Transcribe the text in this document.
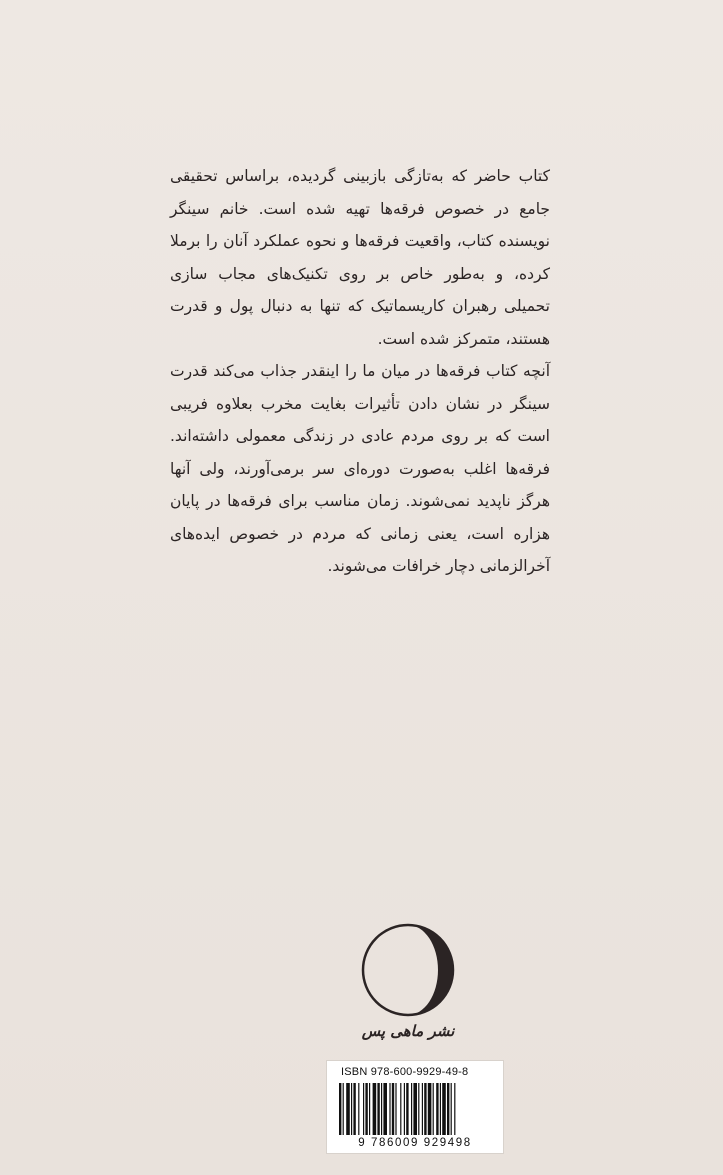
کتاب حاضر که به‌تازگی بازبینی گردیده، براساس تحقیقی جامع در خصوص فرقه‌ها تهیه شده است. خانم سینگر نویسنده کتاب، واقعیت فرقه‌ها و نحوه عملکرد آنان را برملا کرده، و به‌طور خاص بر روی تکنیک‌های مجاب سازی تحمیلی رهبران کاریسماتیک که تنها به دنبال پول و قدرت هستند، متمرکز شده است.

آنچه کتاب فرقه‌ها در میان ما را اینقدر جذاب می‌کند قدرت سینگر در نشان دادن تأثیرات بغایت مخرب بعلاوه فریبی است که بر روی مردم عادی در زندگی معمولی داشته‌اند. فرقه‌ها اغلب به‌صورت دوره‌ای سر برمی‌آورند، ولی آنها هرگز ناپدید نمی‌شوند. زمان مناسب برای فرقه‌ها در پایان هزاره است، یعنی زمانی که مردم در خصوص ایده‌های آخرالزمانی دچار خرافات می‌شوند.

نشر ماهی پس
ISBN 978-600-9929-49-8
9 786009 929498
